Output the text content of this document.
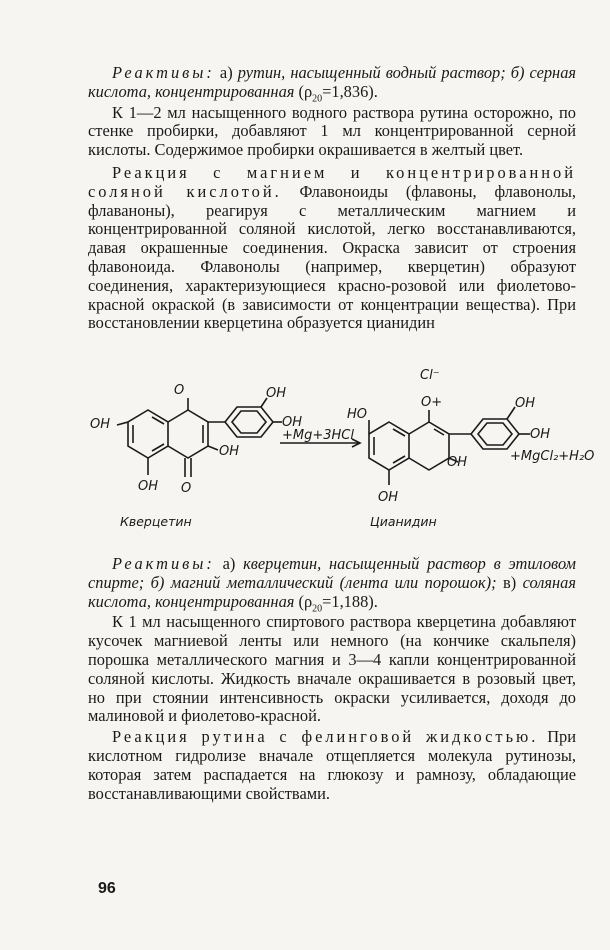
Реактивы: а) рутин, насыщенный водный раствор; б) серная кислота, концентрированная $(\rho_{20}=1,836)$.

К 1—2 мл насыщенного водного раствора рутина осторожно, по стенке пробирки, добавляют 1 мл концентрированной серной кислоты. Содержимое пробирки окрашивается в желтый цвет.

Реакция с магнием и концентрированной соляной кислотой. Флавоноиды (флавоны, флавонолы, флаваноны), реагируя с металлическим магнием и концентрированной соляной кислотой, легко восстанавливаются, давая окрашенные соединения. Окраска зависит от строения флавоноида. Флавонолы (например, кверцетин) образуют соединения, характеризующиеся красно-розовой или фиолетово-красной окраской (в зависимости от концентрации вещества). При восстановлении кверцетина образуется цианидин

O
OH
OH O
OH
OH
OH
+Mg+3HCl
Кверцетин
Cl⁻
O+
HO
OH
OH
OH
OH
+MgCl₂+H₂O
Цианидин

Реактивы: а) кверцетин, насыщенный раствор в этиловом спирте; б) магний металлический (лента или порошок); в) соляная кислота, концентрированная $(\rho_{20}=1,188)$.

К 1 мл насыщенного спиртового раствора кверцетина добавляют кусочек магниевой ленты или немного (на кончике скальпеля) порошка металлического магния и 3—4 капли концентрированной соляной кислоты. Жидкость вначале окрашивается в розовый цвет, но при стоянии интенсивность окраски усиливается, доходя до малиновой и фиолетово-красной.

Реакция рутина с фелинговой жидкостью. При кислотном гидролизе вначале отщепляется молекула рутинозы, которая затем распадается на глюкозу и рамнозу, обладающие восстанавливающими свойствами.

96
